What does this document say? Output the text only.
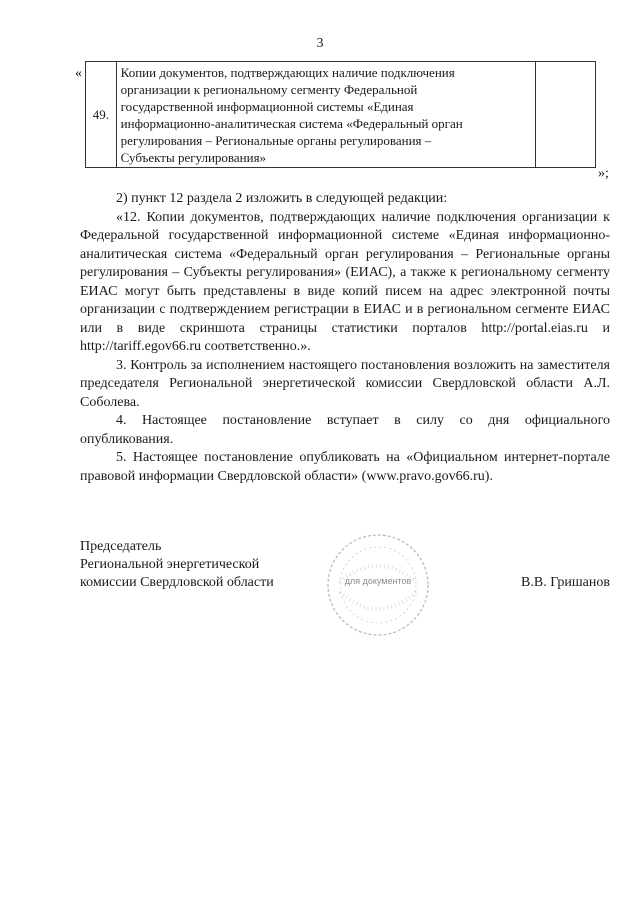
3
«
49.	
Копии документов, подтверждающих наличие подключения
организации к региональному сегменту Федеральной
государственной информационной системы «Единая
информационно-аналитическая система «Федеральный орган
регулирования – Региональные органы регулирования –
Субъекты регулирования»

»;

2) пункт 12 раздела 2 изложить в следующей редакции:

«12. Копии документов, подтверждающих наличие подключения организации к Федеральной государственной информационной системе «Единая информационно-аналитическая система «Федеральный орган регулирования – Региональные органы регулирования – Субъекты регулирования» (ЕИАС), а также к региональному сегменту ЕИАС могут быть представлены в виде копий писем на адрес электронной почты организации с подтверждением регистрации в ЕИАС и в региональном сегменте ЕИАС или в виде скриншота страницы статистики порталов http://portal.eias.ru и http://tariff.egov66.ru соответственно.».

3. Контроль за исполнением настоящего постановления возложить на заместителя председателя Региональной энергетической комиссии Свердловской области А.Л. Соболева.

4. Настоящее постановление вступает в силу со дня официального опубликования.

5. Настоящее постановление опубликовать на «Официальном интернет-портале правовой информации Свердловской области» (www.pravo.gov66.ru).

Председатель
Региональной энергетической
комиссии Свердловской области	В.В. Гришанов
для документов
